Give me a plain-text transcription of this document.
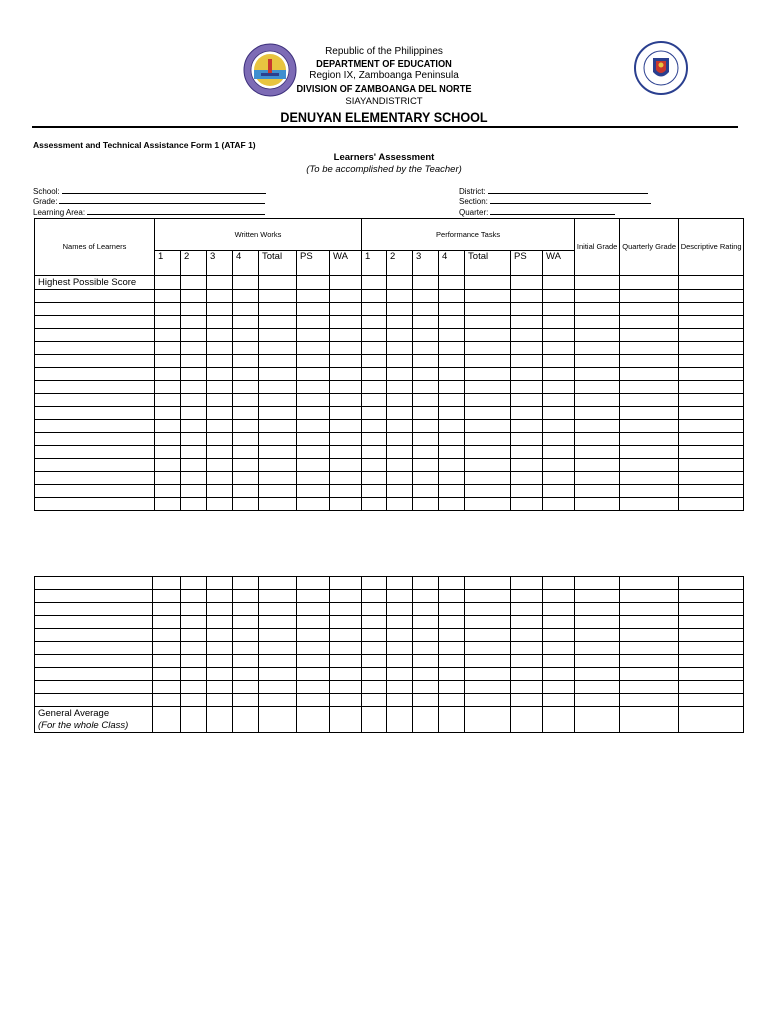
Republic of the Philippines
DEPARTMENT OF EDUCATION
Region IX, Zamboanga Peninsula
DIVISION OF ZAMBOANGA DEL NORTE
SIAYANDISTRICT
DENUYAN ELEMENTARY SCHOOL
Assessment and Technical Assistance Form 1 (ATAF 1)
Learners' Assessment
(To be accomplished by the Teacher)
School:
Grade:
Learning Area:
District:
Section:
Quarter:
Names of Learners	Written Works							Performance Tasks							Initial Grade	Quarterly Grade	Descriptive Rating
	1	2	3	4	Total	PS	WA	1	2	3	4	Total	PS	WA			
Highest Possible Score																	

General Average
(For the whole Class)																	
